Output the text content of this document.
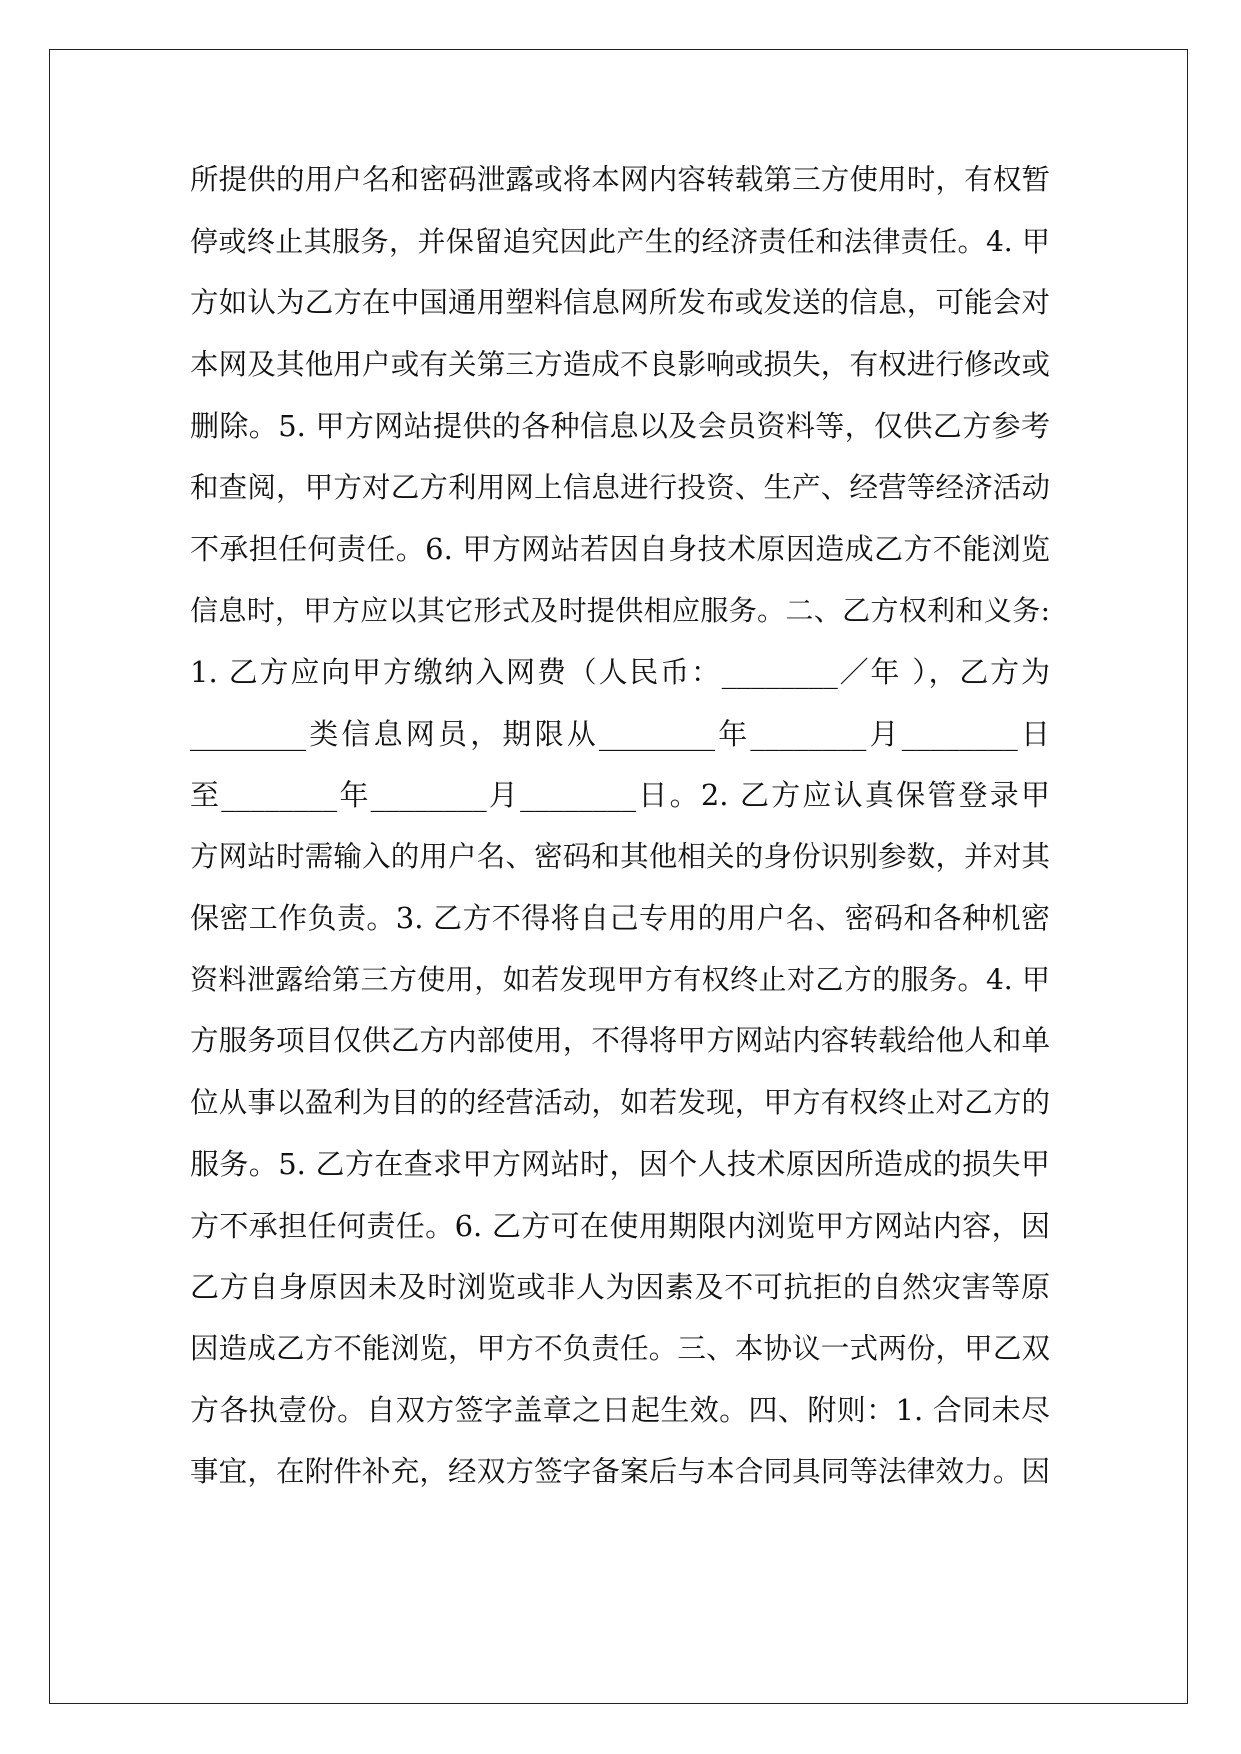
所提供的用户名和密码泄露或将本网内容转载第三方使用时，有权暂
停或终止其服务，并保留追究因此产生的经济责任和法律责任。4. 甲
方如认为乙方在中国通用塑料信息网所发布或发送的信息，可能会对
本网及其他用户或有关第三方造成不良影响或损失，有权进行修改或
删除。5. 甲方网站提供的各种信息以及会员资料等，仅供乙方参考
和查阅，甲方对乙方利用网上信息进行投资、生产、经营等经济活动
不承担任何责任。6. 甲方网站若因自身技术原因造成乙方不能浏览
信息时，甲方应以其它形式及时提供相应服务。二、乙方权利和义务:
1. 乙方应向甲方缴纳入网费（人民币：________／年 ），乙方为
________类信息网员，期限从________年________月________日
至________年________月________日。2. 乙方应认真保管登录甲
方网站时需输入的用户名、密码和其他相关的身份识别参数，并对其
保密工作负责。3. 乙方不得将自己专用的用户名、密码和各种机密
资料泄露给第三方使用，如若发现甲方有权终止对乙方的服务。4. 甲
方服务项目仅供乙方内部使用，不得将甲方网站内容转载给他人和单
位从事以盈利为目的的经营活动，如若发现，甲方有权终止对乙方的
服务。5. 乙方在查求甲方网站时，因个人技术原因所造成的损失甲
方不承担任何责任。6. 乙方可在使用期限内浏览甲方网站内容，因
乙方自身原因未及时浏览或非人为因素及不可抗拒的自然灾害等原
因造成乙方不能浏览，甲方不负责任。三、本协议一式两份，甲乙双
方各执壹份。自双方签字盖章之日起生效。四、附则：1. 合同未尽
事宜，在附件补充，经双方签字备案后与本合同具同等法律效力。因
